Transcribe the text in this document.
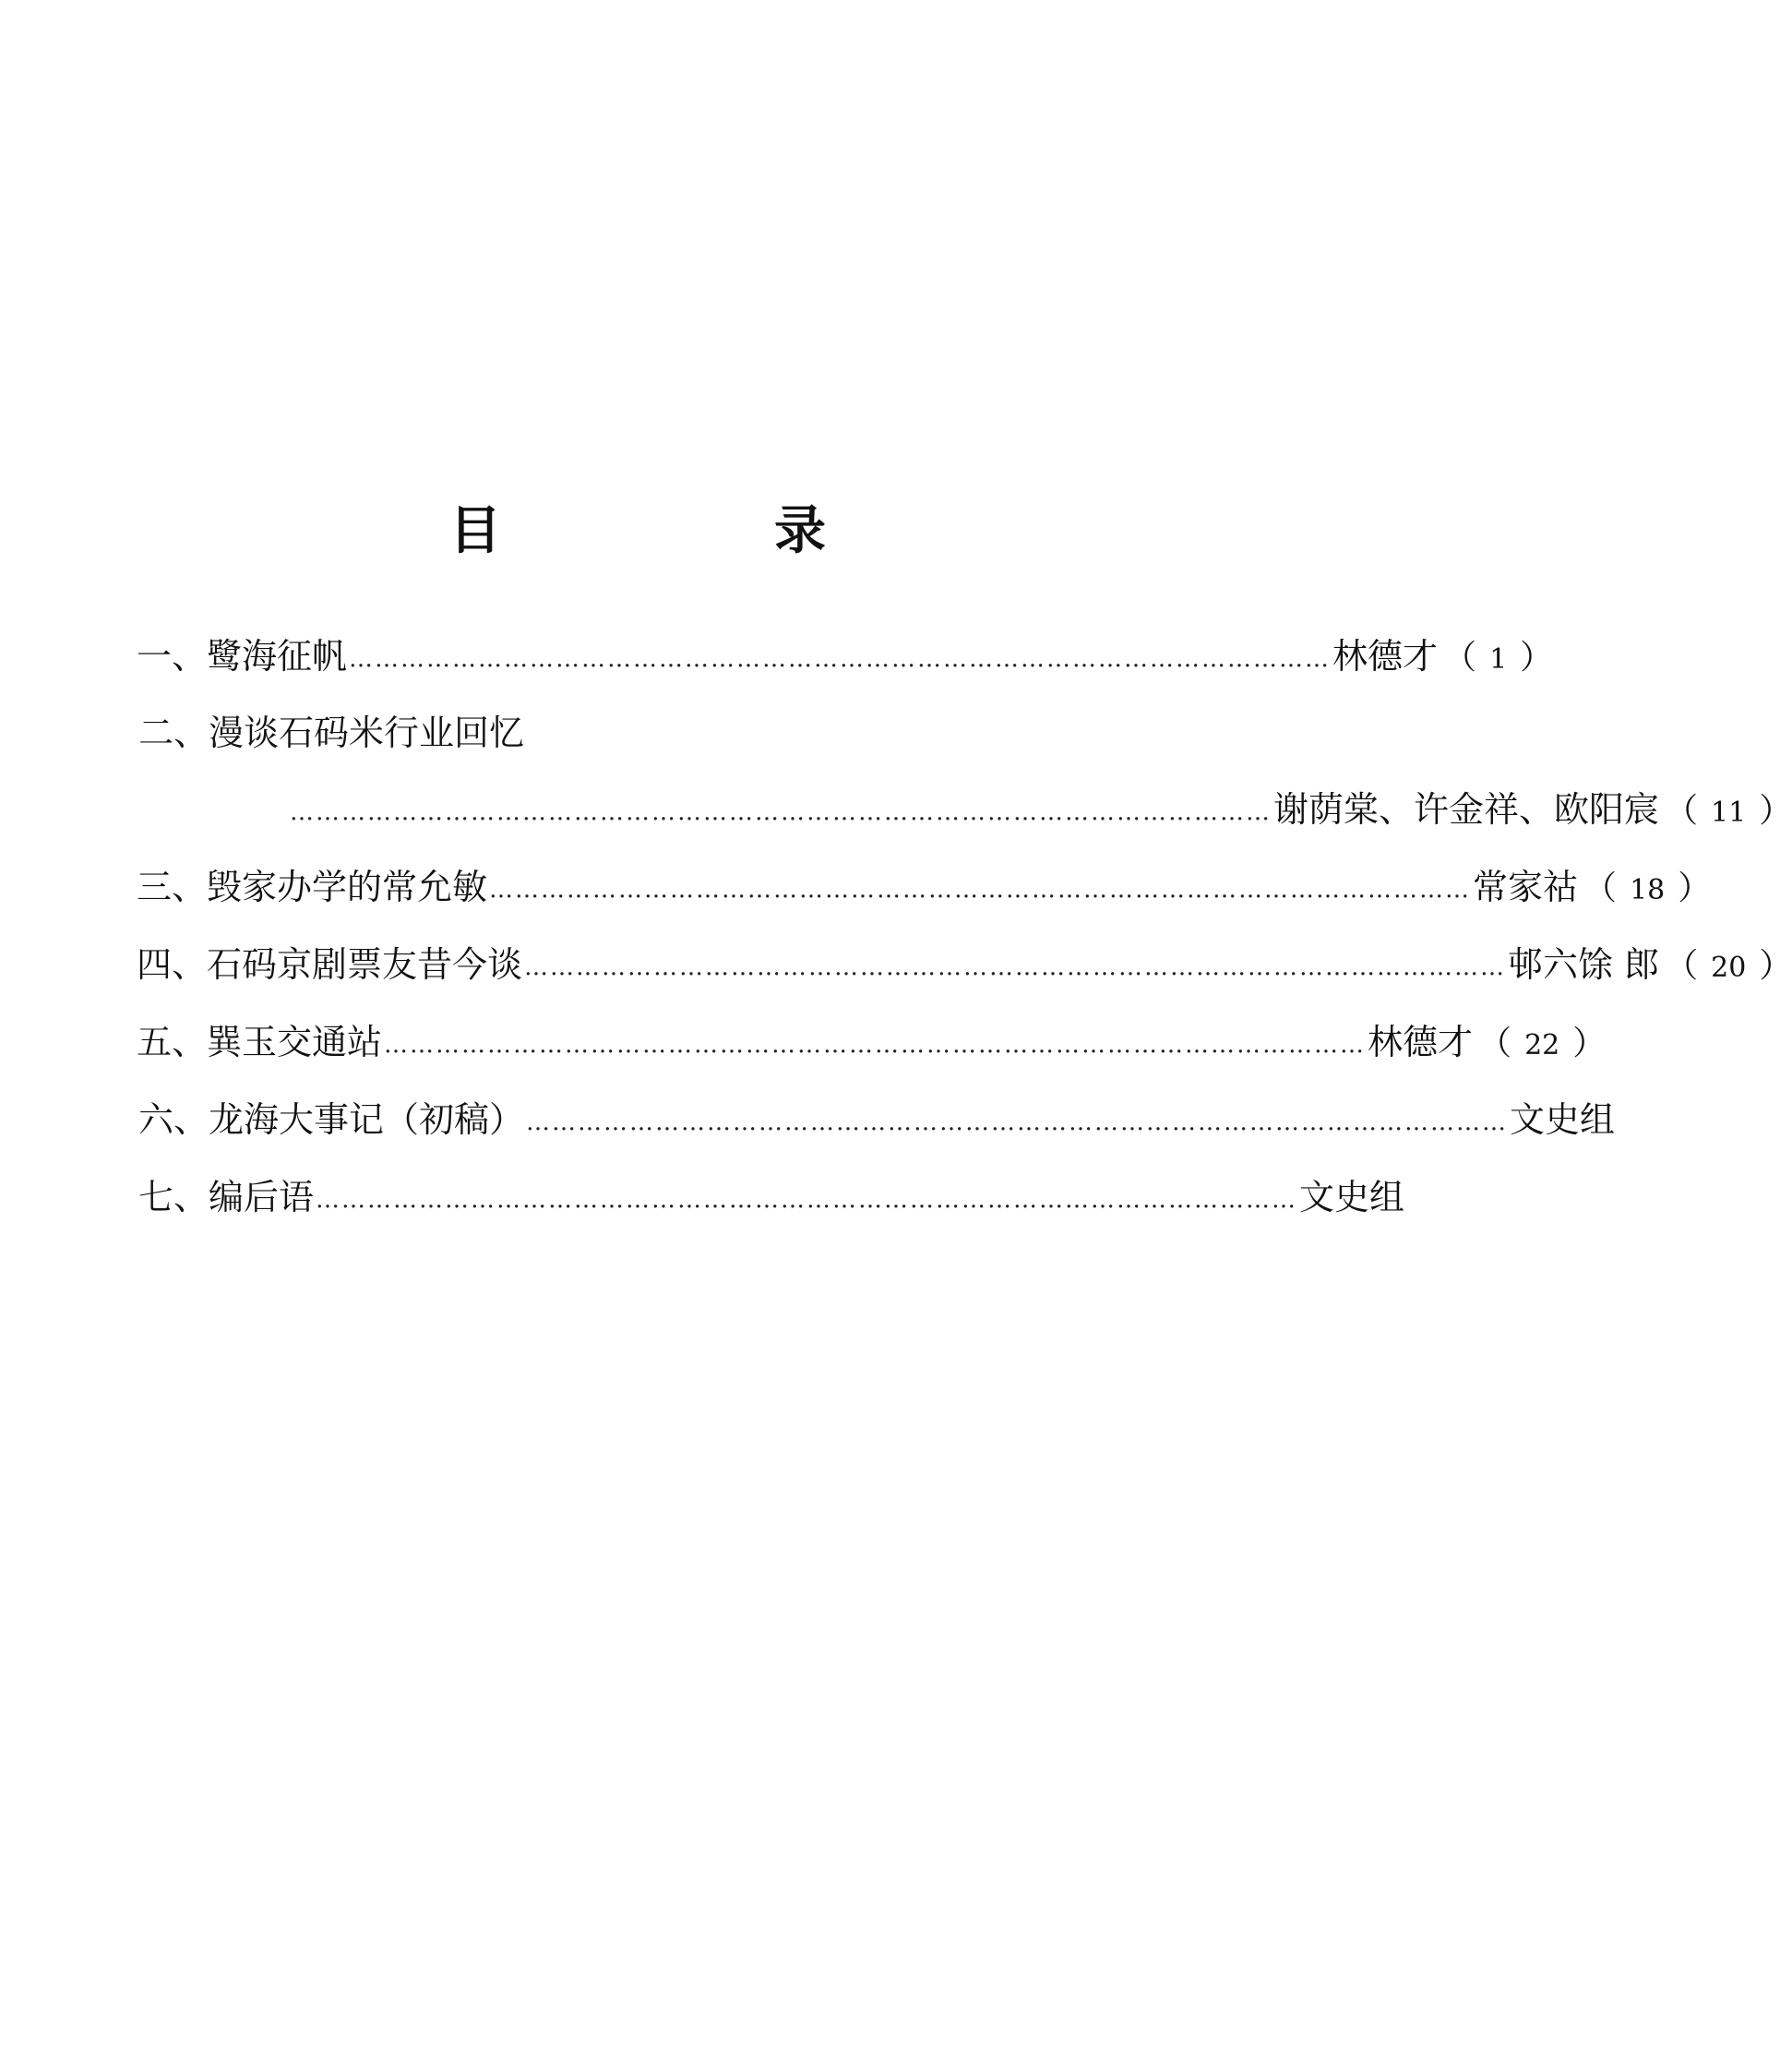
目　录
一、 鹭海征帆 …………………………………………………………………………………………………… 林德才 （ 1 ）
二、 漫谈石码米行业回忆
…………………………………………………………………………………………………… 谢荫棠、许金祥、欧阳宸 （ 11 ）
三、 毁家办学的常允敏 …………………………………………………………………………………………………… 常家祜 （ 18 ）
四、 石码京剧票友昔今谈 …………………………………………………………………………………………………… 邨六馀 郎 （ 20 ）
五、 巽玉交通站 …………………………………………………………………………………………………… 林德才 （ 22 ）
六、 龙海大事记（初稿） …………………………………………………………………………………………………… 文史组
七、 编后语 …………………………………………………………………………………………………… 文史组
